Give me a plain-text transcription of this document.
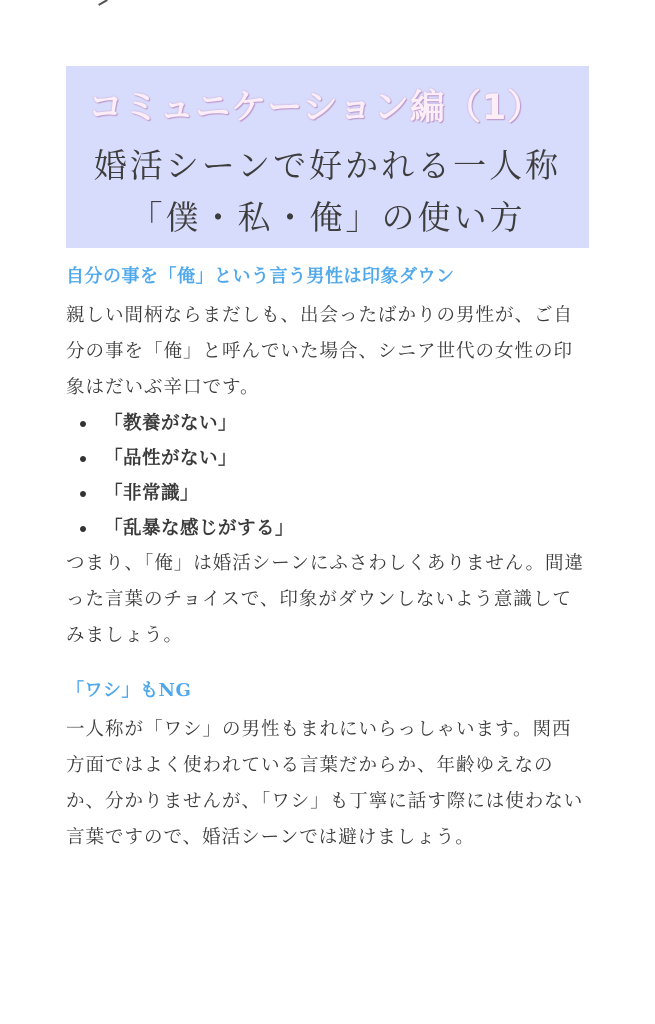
コミュニケーション編（1）
婚活シーンで好かれる一人称
「僕・私・俺」の使い方
自分の事を「俺」という言う男性は印象ダウン

親しい間柄ならまだしも、出会ったばかりの男性が、ご自分の事を「俺」と呼んでいた場合、シニア世代の女性の印象はだいぶ辛口です。

「教養がない」
「品性がない」
「非常識」
「乱暴な感じがする」

つまり、「俺」は婚活シーンにふさわしくありません。間違った言葉のチョイスで、印象がダウンしないよう意識してみましょう。

「ワシ」もNG

一人称が「ワシ」の男性もまれにいらっしゃいます。関西方面ではよく使われている言葉だからか、年齢ゆえなのか、分かりませんが、「ワシ」も丁寧に話す際には使わない言葉ですので、婚活シーンでは避けましょう。
